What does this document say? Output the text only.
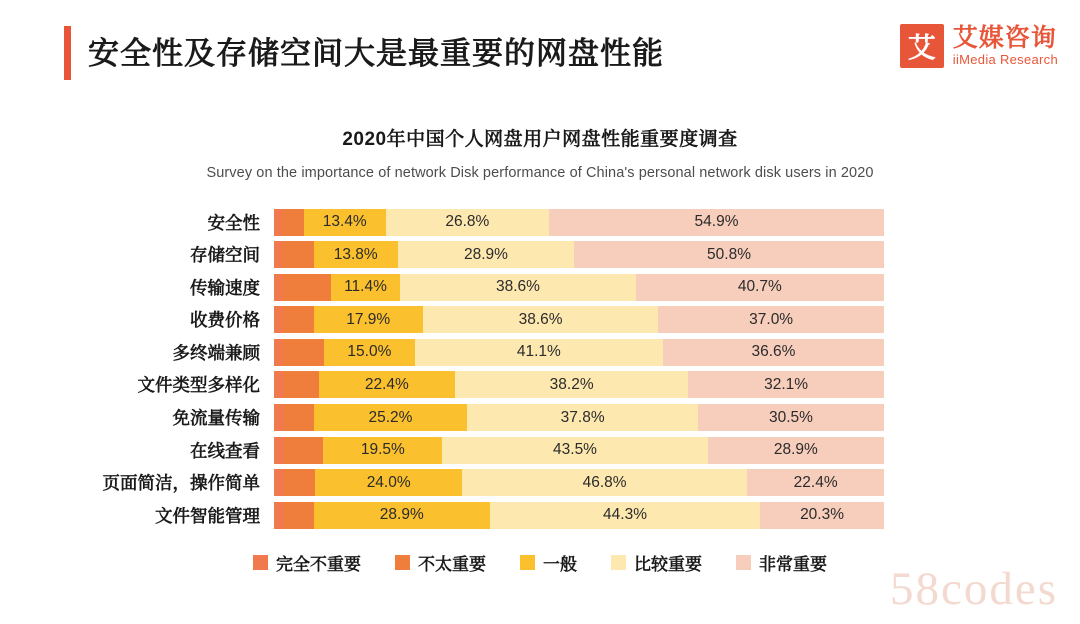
安全性及存储空间大是最重要的网盘性能	艾 艾媒咨询
iiMedia Research
2020年中国个人网盘用户网盘性能重要度调查
Survey on the importance of network Disk performance of China's personal network disk users in 2020
安全性	13.4%	26.8%	54.9%
存储空间	13.8%	28.9%	50.8%
传输速度	11.4%	38.6%	40.7%
收费价格	17.9%	38.6%	37.0%
多终端兼顾	15.0%	41.1%	36.6%
文件类型多样化	22.4%	38.2%	32.1%
免流量传输	25.2%	37.8%	30.5%
在线查看	19.5%	43.5%	28.9%
页面简洁，操作简单	24.0%	46.8%	22.4%
文件智能管理	28.9%	44.3%	20.3%
完全不重要	不太重要	一般	比较重要	非常重要 58codes
